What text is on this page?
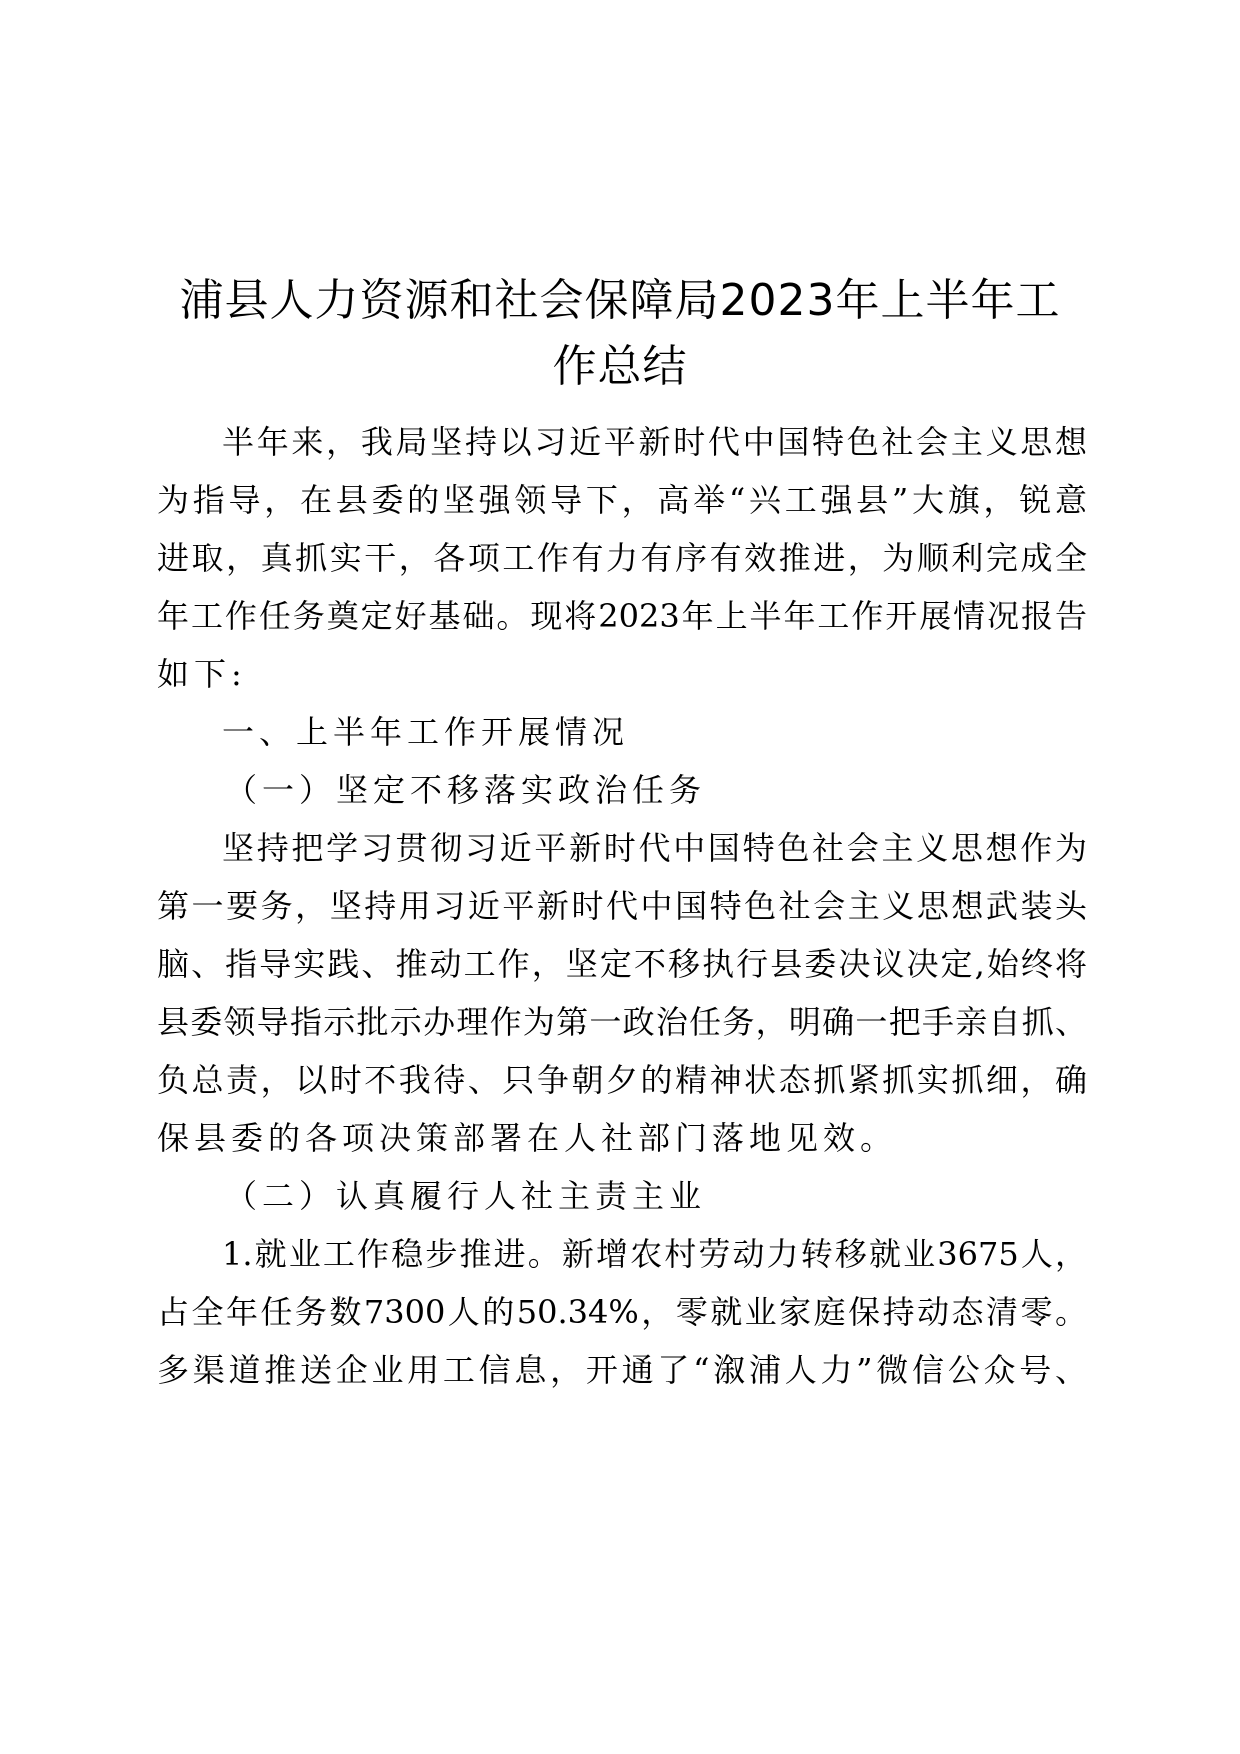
浦县人力资源和社会保障局2023年上半年工
作总结
半年来，我局坚持以习近平新时代中国特色社会主义思想
为指导，在县委的坚强领导下，高举“兴工强县”大旗，锐意
进取，真抓实干，各项工作有力有序有效推进，为顺利完成全
年工作任务奠定好基础。现将2023年上半年工作开展情况报告
如下:
一、上半年工作开展情况
（一）坚定不移落实政治任务
坚持把学习贯彻习近平新时代中国特色社会主义思想作为
第一要务，坚持用习近平新时代中国特色社会主义思想武装头
脑、指导实践、推动工作，坚定不移执行县委决议决定,始终将
县委领导指示批示办理作为第一政治任务，明确一把手亲自抓、
负总责，以时不我待、只争朝夕的精神状态抓紧抓实抓细，确
保县委的各项决策部署在人社部门落地见效。
（二）认真履行人社主责主业
1.就业工作稳步推进。新增农村劳动力转移就业3675人，
占全年任务数7300人的50.34%，零就业家庭保持动态清零。
多渠道推送企业用工信息，开通了“溆浦人力”微信公众号、
